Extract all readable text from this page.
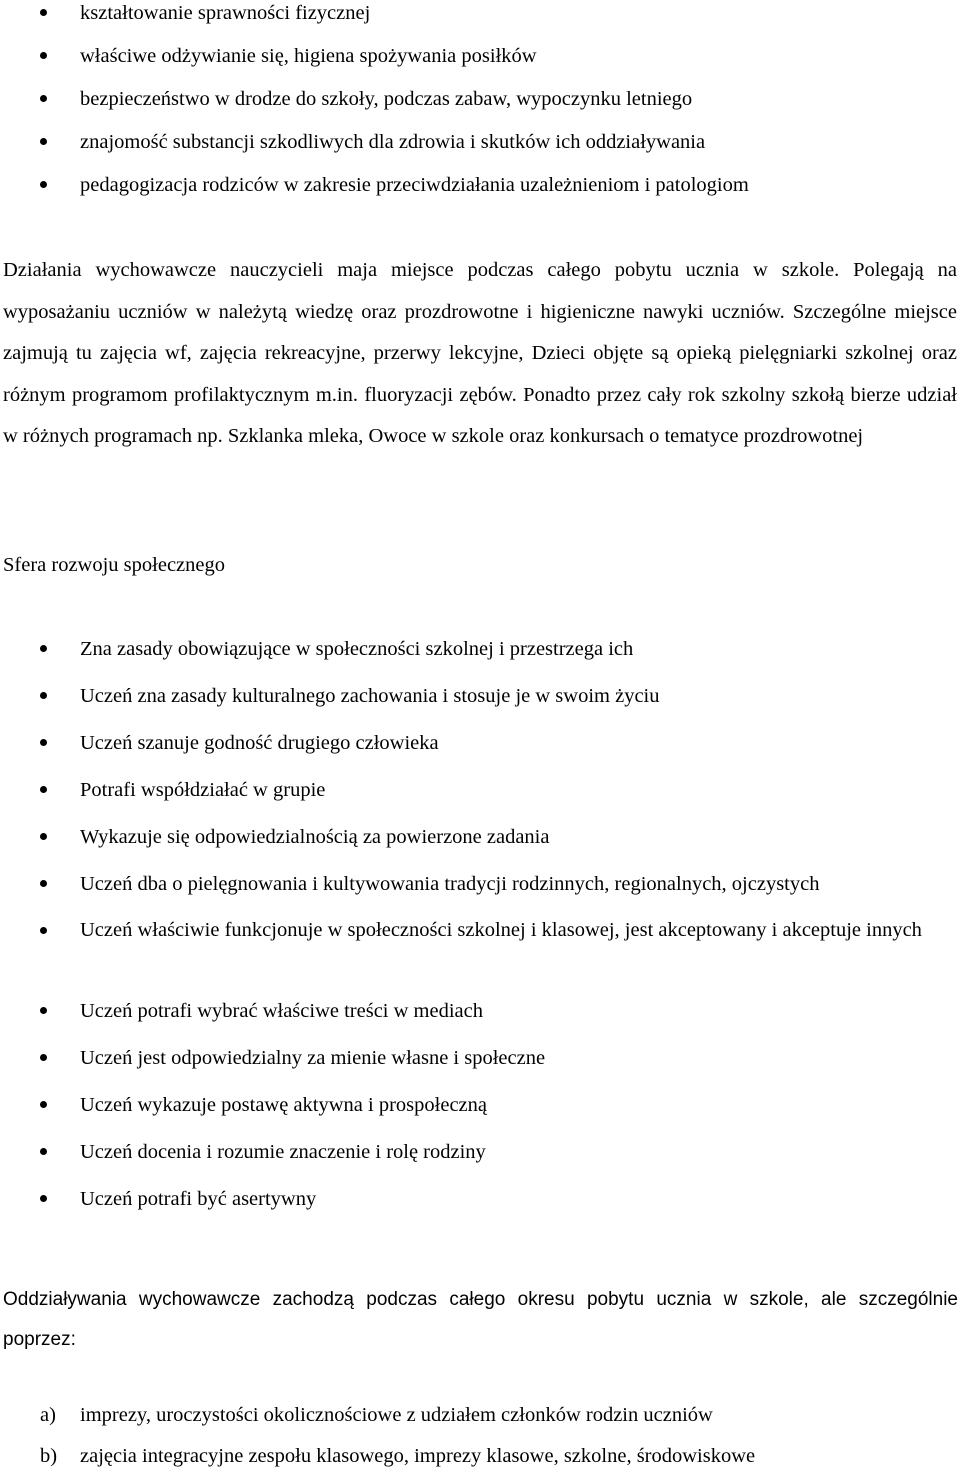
kształtowanie sprawności fizycznej
właściwe odżywianie się, higiena spożywania posiłków
bezpieczeństwo w drodze do szkoły, podczas zabaw, wypoczynku letniego
znajomość substancji szkodliwych dla zdrowia i skutków ich oddziaływania
pedagogizacja rodziców w zakresie przeciwdziałania uzależnieniom i patologiom

Działania wychowawcze nauczycieli maja miejsce podczas całego pobytu ucznia w szkole. Polegają na wyposażaniu uczniów w należytą wiedzę oraz prozdrowotne i higieniczne nawyki uczniów. Szczególne miejsce zajmują tu zajęcia wf, zajęcia rekreacyjne, przerwy lekcyjne, Dzieci objęte są opieką pielęgniarki szkolnej oraz różnym programom profilaktycznym m.in. fluoryzacji zębów. Ponadto przez cały rok szkolny szkołą bierze udział w różnych programach np. Szklanka mleka, Owoce w szkole oraz konkursach o tematyce prozdrowotnej

Sfera rozwoju społecznego
Zna zasady obowiązujące w społeczności szkolnej i przestrzega ich
Uczeń zna zasady kulturalnego zachowania i stosuje je w swoim życiu
Uczeń szanuje godność drugiego człowieka
Potrafi współdziałać w grupie
Wykazuje się odpowiedzialnością za powierzone zadania
Uczeń dba o pielęgnowania i kultywowania tradycji rodzinnych, regionalnych, ojczystych
Uczeń właściwie funkcjonuje w społeczności szkolnej i klasowej, jest akceptowany i akceptuje innych
Uczeń potrafi wybrać właściwe treści w mediach
Uczeń jest odpowiedzialny za mienie własne i społeczne
Uczeń wykazuje postawę aktywna i prospołeczną
Uczeń docenia i rozumie znaczenie i rolę rodziny
Uczeń potrafi być asertywny

Oddziaływania wychowawcze zachodzą podczas całego okresu pobytu ucznia w szkole, ale szczególnie poprzez:

a) imprezy, uroczystości okolicznościowe z udziałem członków rodzin uczniów
b) zajęcia integracyjne zespołu klasowego, imprezy klasowe, szkolne, środowiskowe
